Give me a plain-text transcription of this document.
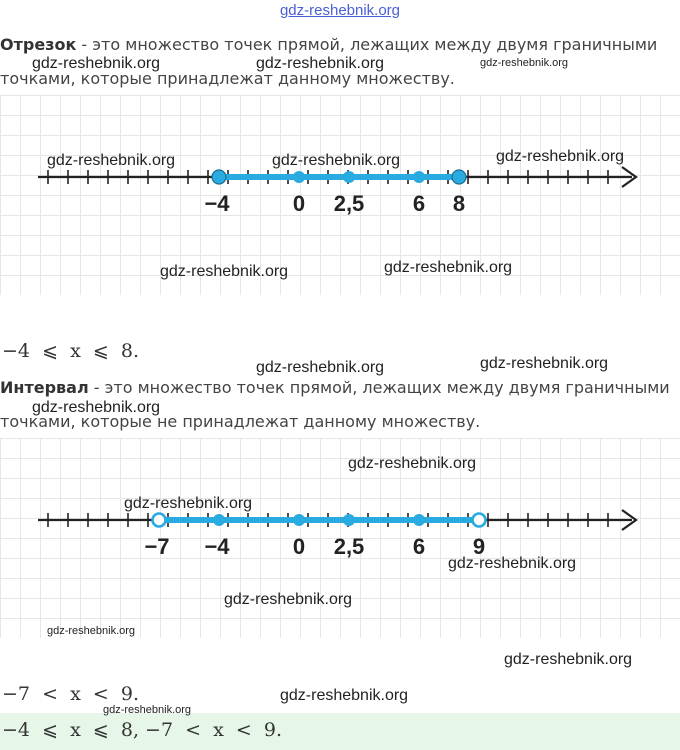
gdz-reshebnik.org
Отрезок - это множество точек прямой, лежащих между двумя граничными
точками, которые принадлежат данному множеству.
−4	0 2,5 6 8
−4  ⩽  x  ⩽  8.
Интервал - это множество точек прямой, лежащих между двумя граничными
точками, которые не принадлежат данному множеству.
−7 −4	0 2,5 6 9
−7  <  x  <  9.
−4  ⩽  x  ⩽  8, −7  <  x  <  9.
gdz-reshebnik.org	gdz-reshebnik.org	gdz-reshebnik.org
gdz-reshebnik.org	gdz-reshebnik.org	gdz-reshebnik.org
gdz-reshebnik.org	gdz-reshebnik.org
gdz-reshebnik.org	gdz-reshebnik.org
gdz-reshebnik.org
gdz-reshebnik.org
gdz-reshebnik.org
gdz-reshebnik.org
gdz-reshebnik.org
gdz-reshebnik.org
gdz-reshebnik.org
gdz-reshebnik.org
gdz-reshebnik.org
